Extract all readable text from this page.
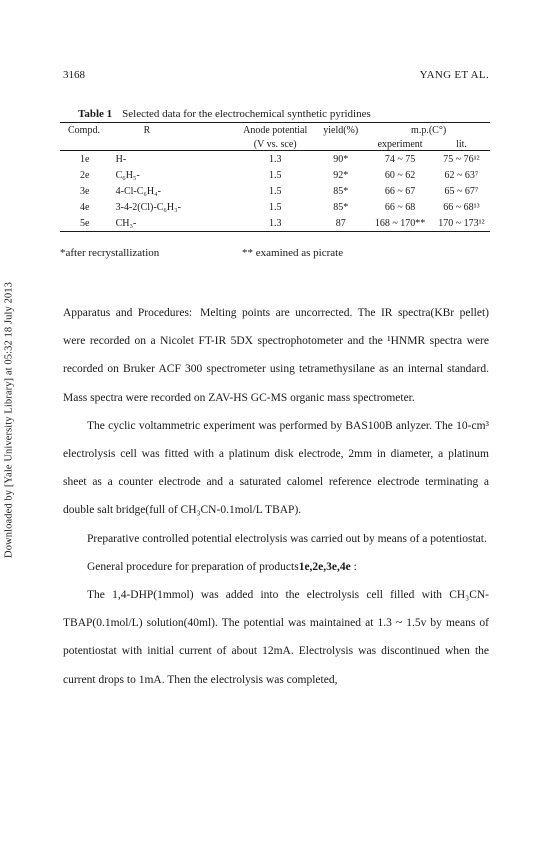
Downloaded by [Yale University Library] at 05:32 18 July 2013
3168	YANG ET AL.
Table 1 Selected data for the electrochemical synthetic pyridines
Compd.	R	Anode potential	yield(%)	m.p.(C°)	
		(V vs. sce)		experiment	lit.
1e	H-	1.3	90*	74 ~ 75	75 ~ 76¹²
2e	C₆H₅-	1.5	92*	60 ~ 62	62 ~ 63⁷
3e	4-Cl-C₆H₄-	1.5	85*	66 ~ 67	65 ~ 67⁷
4e	3-4-2(Cl)-C₆H₃-	1.5	85*	66 ~ 68	66 ~ 68¹³
5e	CH₃-	1.3	87	168 ~ 170**	170 ~ 173¹²
*after recrystallization	** examined as picrate

Apparatus and Procedures: Melting points are uncorrected. The IR spectra(KBr pellet) were recorded on a Nicolet FT-IR 5DX spectrophotometer and the ¹HNMR spectra were recorded on Bruker ACF 300 spectrometer using tetramethysilane as an internal standard. Mass spectra were recorded on ZAV-HS GC-MS organic mass spectrometer.

The cyclic voltammetric experiment was performed by BAS100B anlyzer. The 10-cm³ electrolysis cell was fitted with a platinum disk electrode, 2mm in diameter, a platinum sheet as a counter electrode and a saturated calomel reference electrode terminating a double salt bridge(full of CH₃CN-0.1mol/L TBAP).

Preparative controlled potential electrolysis was carried out by means of a potentiostat.

General procedure for preparation of products1e,2e,3e,4e :

The 1,4-DHP(1mmol) was added into the electrolysis cell filled with CH₃CN-TBAP(0.1mol/L) solution(40ml). The potential was maintained at 1.3 ~ 1.5v by means of potentiostat with initial current of about 12mA. Electrolysis was discontinued when the current drops to 1mA. Then the electrolysis was completed,
